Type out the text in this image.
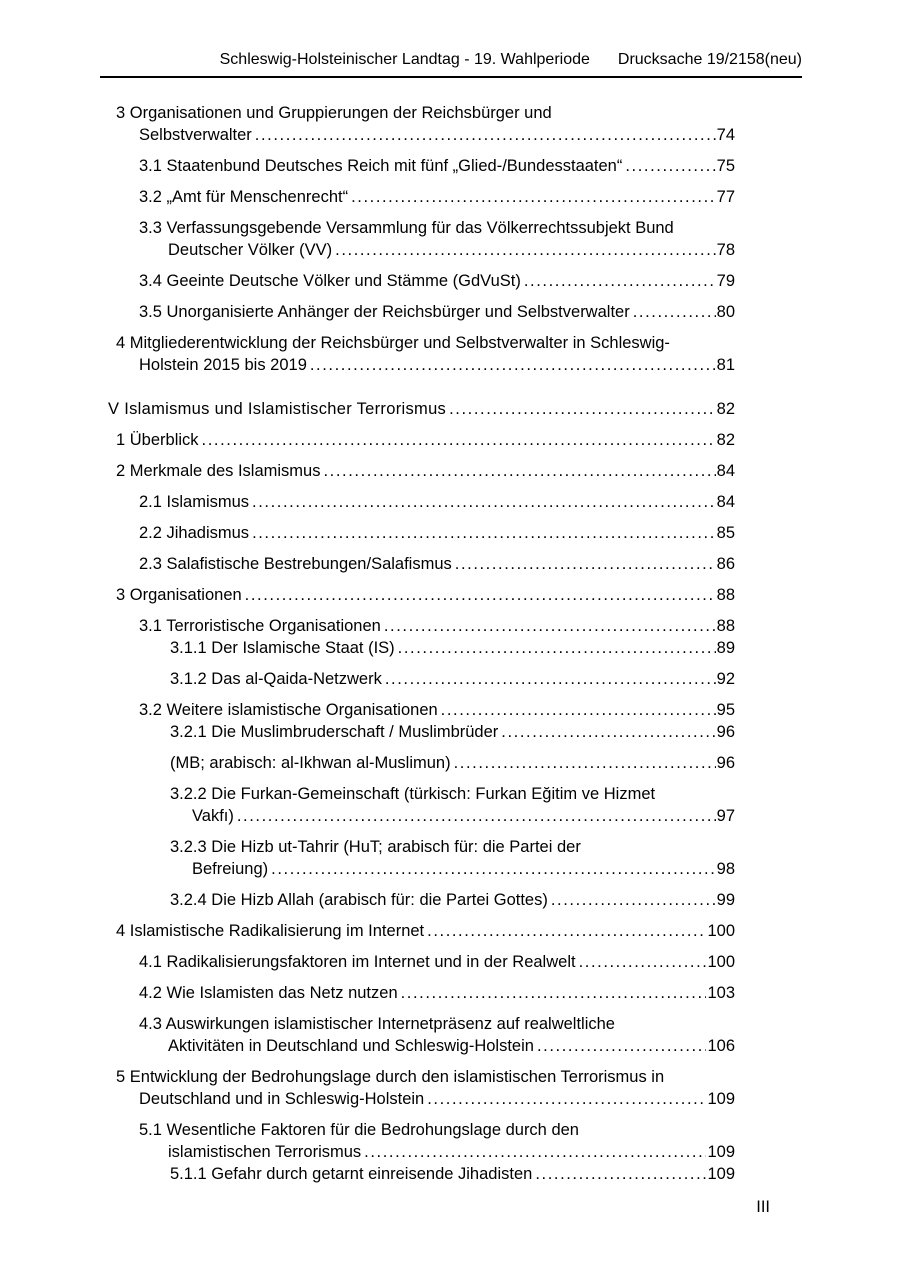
Schleswig-Holsteinischer Landtag - 19. Wahlperiode Drucksache 19/2158(neu)
3 Organisationen und Gruppierungen der Reichsbürger und
Selbstverwalter .....	74
3.1 Staatenbund Deutsches Reich mit fünf „Glied-/Bundesstaaten“ .....	75
3.2 „Amt für Menschenrecht“ .....	77
3.3 Verfassungsgebende Versammlung für das Völkerrechtssubjekt Bund
Deutscher Völker (VV) .....	78
3.4 Geeinte Deutsche Völker und Stämme (GdVuSt) .....	79
3.5 Unorganisierte Anhänger der Reichsbürger und Selbstverwalter .....	80
4 Mitgliederentwicklung der Reichsbürger und Selbstverwalter in Schleswig-
Holstein 2015 bis 2019 .....	81
V Islamismus und Islamistischer Terrorismus .....	82
1 Überblick .....	82
2 Merkmale des Islamismus .....	84
2.1 Islamismus .....	84
2.2 Jihadismus .....	85
2.3 Salafistische Bestrebungen/Salafismus .....	86
3 Organisationen .....	88
3.1 Terroristische Organisationen .....	88
3.1.1 Der Islamische Staat (IS) .....	89
3.1.2 Das al-Qaida-Netzwerk .....	92
3.2 Weitere islamistische Organisationen .....	95
3.2.1 Die Muslimbruderschaft / Muslimbrüder .....	96
(MB; arabisch: al-Ikhwan al-Muslimun) .....	96
3.2.2 Die Furkan-Gemeinschaft (türkisch: Furkan Eğitim ve Hizmet
Vakfı) .....	97
3.2.3 Die Hizb ut-Tahrir (HuT; arabisch für: die Partei der
Befreiung) .....	98
3.2.4 Die Hizb Allah (arabisch für: die Partei Gottes) .....	99
4 Islamistische Radikalisierung im Internet .....	100
4.1 Radikalisierungsfaktoren im Internet und in der Realwelt .....	100
4.2 Wie Islamisten das Netz nutzen .....	103
4.3 Auswirkungen islamistischer Internetpräsenz auf realweltliche
Aktivitäten in Deutschland und Schleswig-Holstein .....	106
5 Entwicklung der Bedrohungslage durch den islamistischen Terrorismus in
Deutschland und in Schleswig-Holstein .....	109
5.1 Wesentliche Faktoren für die Bedrohungslage durch den
islamistischen Terrorismus .....	109
5.1.1 Gefahr durch getarnt einreisende Jihadisten .....	109
III
